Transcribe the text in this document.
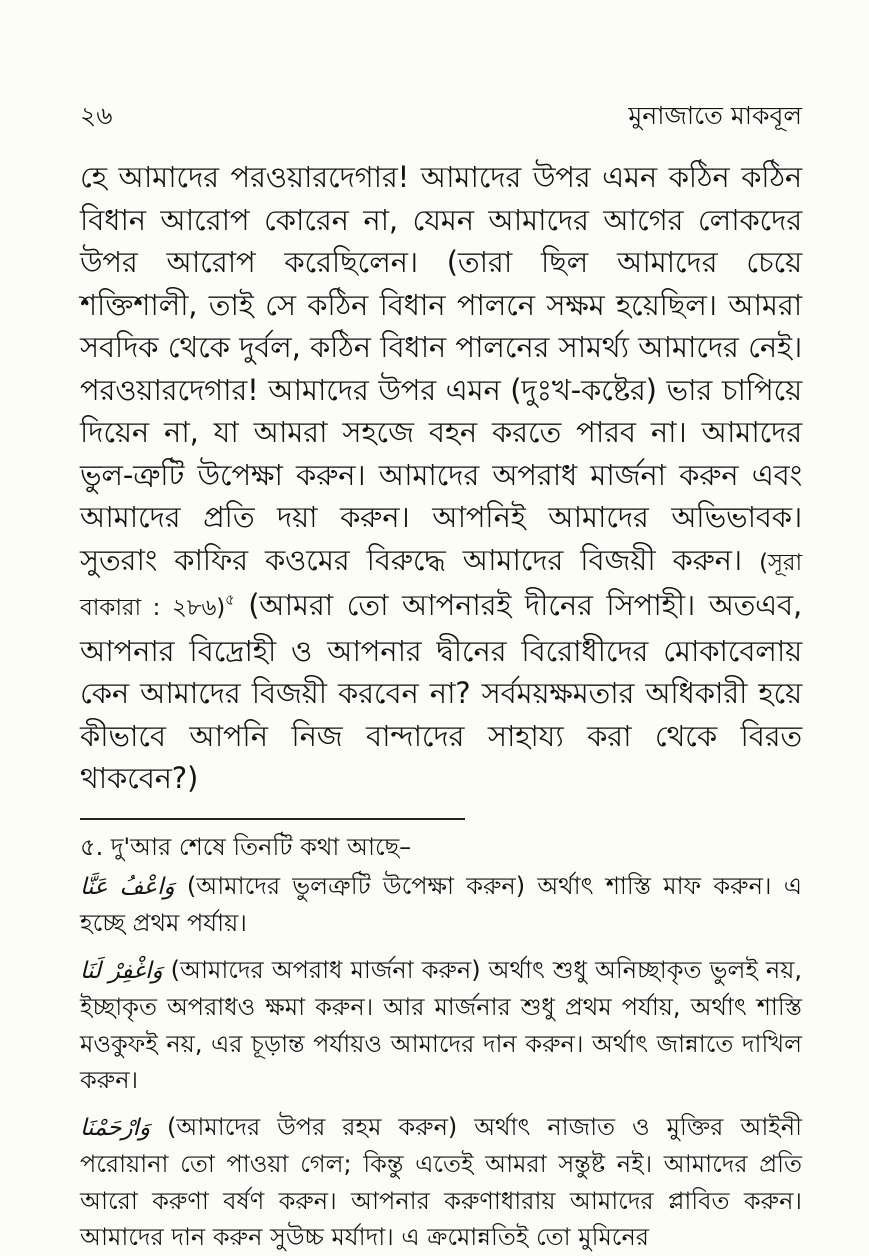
২৬	মুনাজাতে মাকবূল
হে আমাদের পরওয়ারদেগার! আমাদের উপর এমন কঠিন কঠিন বিধান আরোপ কোরেন না, যেমন আমাদের আগের লোকদের উপর আরোপ করেছিলেন। (তারা ছিল আমাদের চেয়ে শক্তিশালী, তাই সে কঠিন বিধান পালনে সক্ষম হয়েছিল। আমরা সবদিক থেকে দুর্বল, কঠিন বিধান পালনের সামর্থ্য আমাদের নেই। পরওয়ারদেগার! আমাদের উপর এমন (দুঃখ-কষ্টের) ভার চাপিয়ে দিয়েন না, যা আমরা সহজে বহন করতে পারব না। আমাদের ভুল-ত্রুটি উপেক্ষা করুন। আমাদের অপরাধ মার্জনা করুন এবং আমাদের প্রতি দয়া করুন। আপনিই আমাদের অভিভাবক। সুতরাং কাফির কওমের বিরুদ্ধে আমাদের বিজয়ী করুন। (সূরা বাকারা : ২৮৬)$^৫$ (আমরা তো আপনারই দীনের সিপাহী। অতএব, আপনার বিদ্রোহী ও আপনার দ্বীনের বিরোধীদের মোকাবেলায় কেন আমাদের বিজয়ী করবেন না? সর্বময়ক্ষমতার অধিকারী হয়ে কীভাবে আপনি নিজ বান্দাদের সাহায্য করা থেকে বিরত থাকবেন?)
৫. দু'আর শেষে তিনটি কথা আছে–
وَاعْفُ عَنَّا (আমাদের ভুলত্রুটি উপেক্ষা করুন) অর্থাৎ শাস্তি মাফ করুন। এ হচ্ছে প্রথম পর্যায়।
وَاغْفِرْ لَنَا (আমাদের অপরাধ মার্জনা করুন) অর্থাৎ শুধু অনিচ্ছাকৃত ভুলই নয়, ইচ্ছাকৃত অপরাধও ক্ষমা করুন। আর মার্জনার শুধু প্রথম পর্যায়, অর্থাৎ শাস্তি মওকুফই নয়, এর চূড়ান্ত পর্যায়ও আমাদের দান করুন। অর্থাৎ জান্নাতে দাখিল করুন।
وَارْحَمْنَا (আমাদের উপর রহম করুন) অর্থাৎ নাজাত ও মুক্তির আইনী পরোয়ানা তো পাওয়া গেল; কিন্তু এতেই আমরা সন্তুষ্ট নই। আমাদের প্রতি আরো করুণা বর্ষণ করুন। আপনার করুণাধারায় আমাদের প্লাবিত করুন। আমাদের দান করুন সুউচ্চ মর্যাদা। এ ক্রমোন্নতিই তো মুমিনের
